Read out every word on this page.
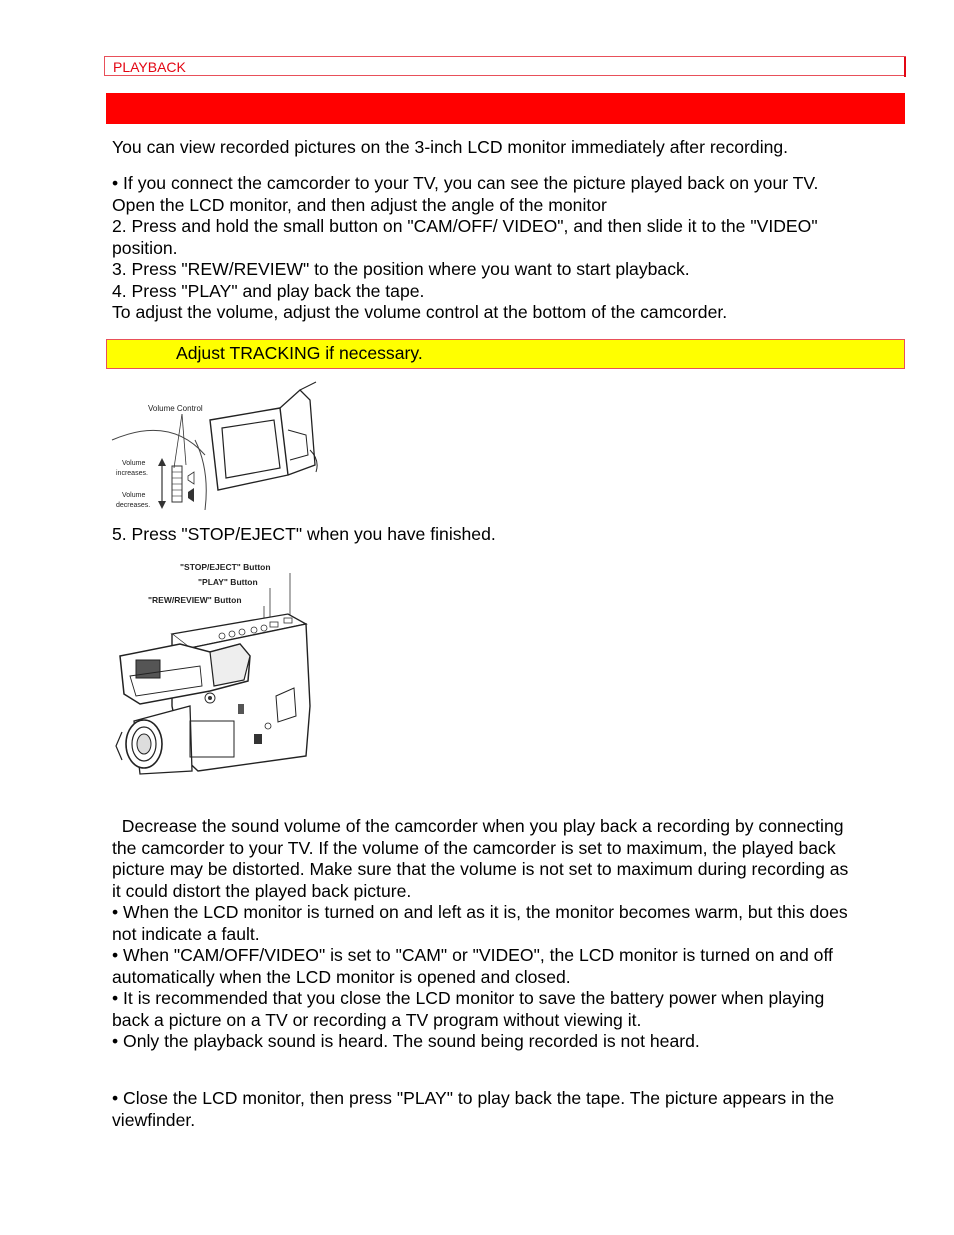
PLAYBACK

You can view recorded pictures on the 3-inch LCD monitor immediately after recording.

• If you connect the camcorder to your TV, you can see the picture played back on your TV.
Open the LCD monitor, and then adjust the angle of the monitor
2. Press and hold the small button on "CAM/OFF/ VIDEO", and then slide it to the "VIDEO"
position.
3. Press "REW/REVIEW" to the position where you want to start playback.
4. Press "PLAY" and play back the tape.
To adjust the volume, adjust the volume control at the bottom of the camcorder.
Adjust TRACKING if necessary.
Volume Control
Volume
increases.
Volume
decreases.

5. Press "STOP/EJECT" when you have finished.

"STOP/EJECT" Button
"PLAY" Button
"REW/REVIEW" Button
Decrease the sound volume of the camcorder when you play back a recording by connecting
the camcorder to your TV. If the volume of the camcorder is set to maximum, the played back
picture may be distorted. Make sure that the volume is not set to maximum during recording as
it could distort the played back picture.
• When the LCD monitor is turned on and left as it is, the monitor becomes warm, but this does
not indicate a fault.
• When "CAM/OFF/VIDEO" is set to "CAM" or "VIDEO", the LCD monitor is turned on and off
automatically when the LCD monitor is opened and closed.
• It is recommended that you close the LCD monitor to save the battery power when playing
back a picture on a TV or recording a TV program without viewing it.
• Only the playback sound is heard. The sound being recorded is not heard.
• Close the LCD monitor, then press "PLAY" to play back the tape. The picture appears in the
viewfinder.
